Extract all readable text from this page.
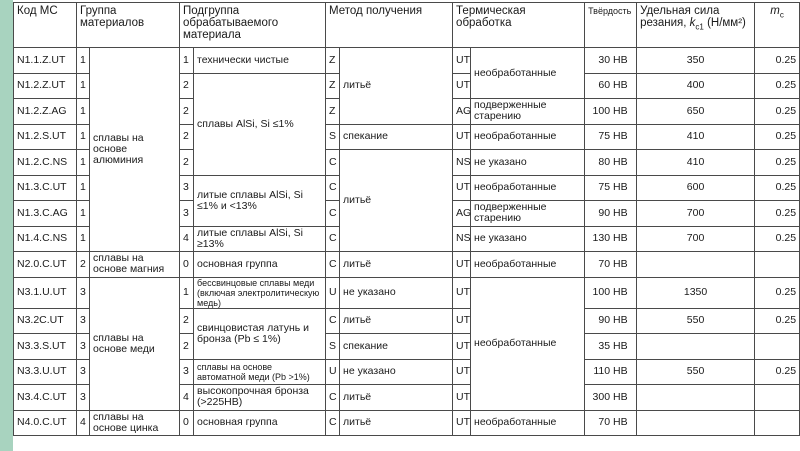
Код МС	Группа материалов		Подгруппа обрабатываемого материала		Метод получения		Термическая обработка		Твёрдость	Удельная сила резания, $k_{c1}$ (Н/мм²)	$m_c$
N1.1.Z.UT	1	сплавы на основе алюминия	1	технически чистые	Z	литьё	UT	необработанные	30 HB	350	0.25
N1.2.Z.UT	1		2	сплавы AlSi, Si ≤1%	Z		UT		60 HB	400	0.25
N1.2.Z.AG	1		2		Z		AG	подверженные старению	100 HB	650	0.25
N1.2.S.UT	1		2		S	спекание	UT	необработанные	75 HB	410	0.25
N1.2.C.NS	1		2		C	литьё	NS	не указано	80 HB	410	0.25
N1.3.C.UT	1		3	литые сплавы AlSi, Si ≤1% и <13%	C		UT	необработанные	75 HB	600	0.25
N1.3.C.AG	1		3		C		AG	подверженные старению	90 HB	700	0.25
N1.4.C.NS	1		4	литые сплавы AlSi, Si ≥13%	C		NS	не указано	130 HB	700	0.25
N2.0.C.UT	2	сплавы на основе магния	0	основная группа	C	литьё	UT	необработанные	70 HB		
N3.1.U.UT	3	сплавы на основе меди	1	бессвинцовые сплавы меди (включая электролитическую медь)	U	не указано	UT	необработанные	100 HB	1350	0.25
N3.2C.UT	3		2	свинцовистая латунь и бронза (Pb ≤ 1%)	C	литьё	UT		90 HB	550	0.25
N3.3.S.UT	3		2		S	спекание	UT		35 HB		
N3.3.U.UT	3		3	сплавы на основе автоматной меди (Pb >1%)	U	не указано	UT		110 HB	550	0.25
N3.4.C.UT	3		4	высокопрочная бронза (>225HB)	C	литьё	UT		300 HB		
N4.0.C.UT	4	сплавы на основе цинка	0	основная группа	C	литьё	UT	необработанные	70 HB		
